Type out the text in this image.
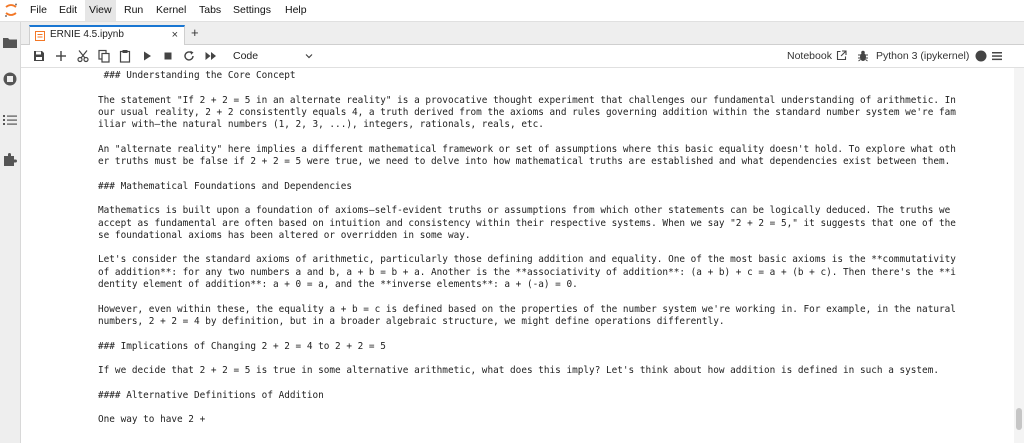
File	Edit	View	Run	Kernel	Tabs	Settings	Help
ERNIE 4.5.ipynb	× +
Code	Notebook	Python 3 (ipykernel)
### Understanding the Core Concept
The statement "If 2 + 2 = 5 in an alternate reality" is a provocative thought experiment that challenges our fundamental understanding of arithmetic. In
our usual reality, 2 + 2 consistently equals 4, a truth derived from the axioms and rules governing addition within the standard number system we're fam
iliar with—the natural numbers (1, 2, 3, ...), integers, rationals, reals, etc.
An "alternate reality" here implies a different mathematical framework or set of assumptions where this basic equality doesn't hold. To explore what oth
er truths must be false if 2 + 2 = 5 were true, we need to delve into how mathematical truths are established and what dependencies exist between them.
### Mathematical Foundations and Dependencies
Mathematics is built upon a foundation of axioms—self-evident truths or assumptions from which other statements can be logically deduced. The truths we
accept as fundamental are often based on intuition and consistency within their respective systems. When we say "2 + 2 = 5," it suggests that one of the
se foundational axioms has been altered or overridden in some way.
Let's consider the standard axioms of arithmetic, particularly those defining addition and equality. One of the most basic axioms is the **commutativity
of addition**: for any two numbers a and b, a + b = b + a. Another is the **associativity of addition**: (a + b) + c = a + (b + c). Then there's the **i
dentity element of addition**: a + 0 = a, and the **inverse elements**: a + (-a) = 0.
However, even within these, the equality a + b = c is defined based on the properties of the number system we're working in. For example, in the natural
numbers, 2 + 2 = 4 by definition, but in a broader algebraic structure, we might define operations differently.
### Implications of Changing 2 + 2 = 4 to 2 + 2 = 5
If we decide that 2 + 2 = 5 is true in some alternative arithmetic, what does this imply? Let's think about how addition is defined in such a system.
#### Alternative Definitions of Addition
One way to have 2 +
